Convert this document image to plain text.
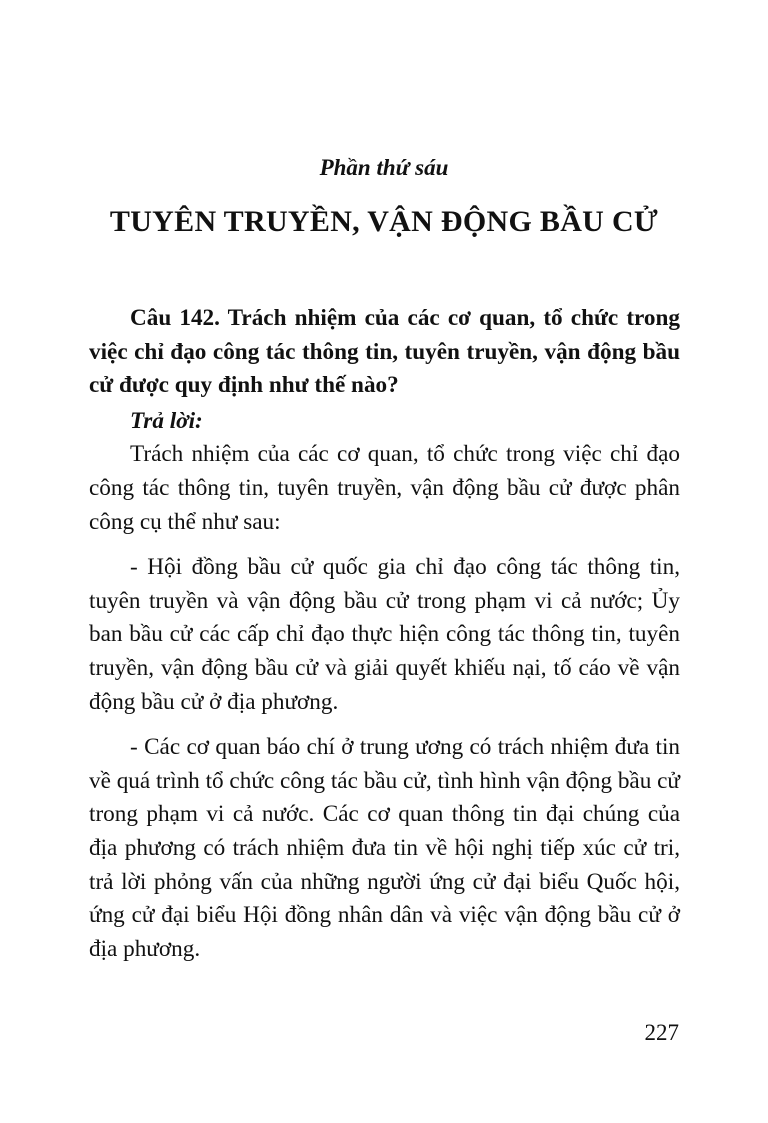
Phần thứ sáu
TUYÊN TRUYỀN, VẬN ĐỘNG BẦU CỬ

Câu 142. Trách nhiệm của các cơ quan, tổ chức trong việc chỉ đạo công tác thông tin, tuyên truyền, vận động bầu cử được quy định như thế nào?

Trả lời:

Trách nhiệm của các cơ quan, tổ chức trong việc chỉ đạo công tác thông tin, tuyên truyền, vận động bầu cử được phân công cụ thể như sau:

- Hội đồng bầu cử quốc gia chỉ đạo công tác thông tin, tuyên truyền và vận động bầu cử trong phạm vi cả nước; Ủy ban bầu cử các cấp chỉ đạo thực hiện công tác thông tin, tuyên truyền, vận động bầu cử và giải quyết khiếu nại, tố cáo về vận động bầu cử ở địa phương.

- Các cơ quan báo chí ở trung ương có trách nhiệm đưa tin về quá trình tổ chức công tác bầu cử, tình hình vận động bầu cử trong phạm vi cả nước. Các cơ quan thông tin đại chúng của địa phương có trách nhiệm đưa tin về hội nghị tiếp xúc cử tri, trả lời phỏng vấn của những người ứng cử đại biểu Quốc hội, ứng cử đại biểu Hội đồng nhân dân và việc vận động bầu cử ở địa phương.

227
